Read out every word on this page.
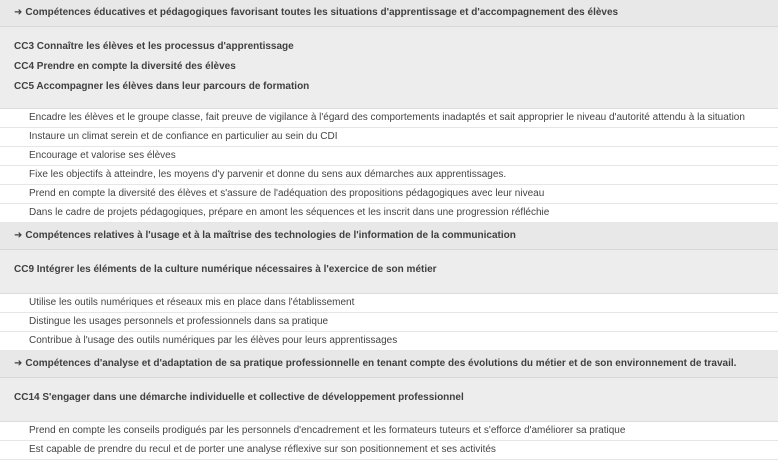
➜ Compétences éducatives et pédagogiques favorisant toutes les situations d'apprentissage et d'accompagnement des élèves
CC3 Connaître les élèves et les processus d'apprentissage
CC4 Prendre en compte la diversité des élèves
CC5 Accompagner les élèves dans leur parcours de formation
Encadre les élèves et le groupe classe, fait preuve de vigilance à l'égard des comportements inadaptés et sait approprier le niveau d'autorité attendu à la situation
Instaure un climat serein et de confiance en particulier au sein du CDI
Encourage et valorise ses élèves
Fixe les objectifs à atteindre, les moyens d'y parvenir et donne du sens aux démarches aux apprentissages.
Prend en compte la diversité des élèves et s'assure de l'adéquation des propositions pédagogiques avec leur niveau
Dans le cadre de projets pédagogiques, prépare en amont les séquences et les inscrit dans une progression réfléchie
➜ Compétences relatives à l'usage et à la maîtrise des technologies de l'information de la communication
CC9 Intégrer les éléments de la culture numérique nécessaires à l'exercice de son métier
Utilise les outils numériques et réseaux mis en place dans l'établissement
Distingue les usages personnels et professionnels dans sa pratique
Contribue à l'usage des outils numériques par les élèves pour leurs apprentissages
➜ Compétences d'analyse et d'adaptation de sa pratique professionnelle en tenant compte des évolutions du métier et de son environnement de travail.
CC14 S'engager dans une démarche individuelle et collective de développement professionnel
Prend en compte les conseils prodigués par les personnels d'encadrement et les formateurs tuteurs et s'efforce d'améliorer sa pratique
Est capable de prendre du recul et de porter une analyse réflexive sur son positionnement et ses activités
